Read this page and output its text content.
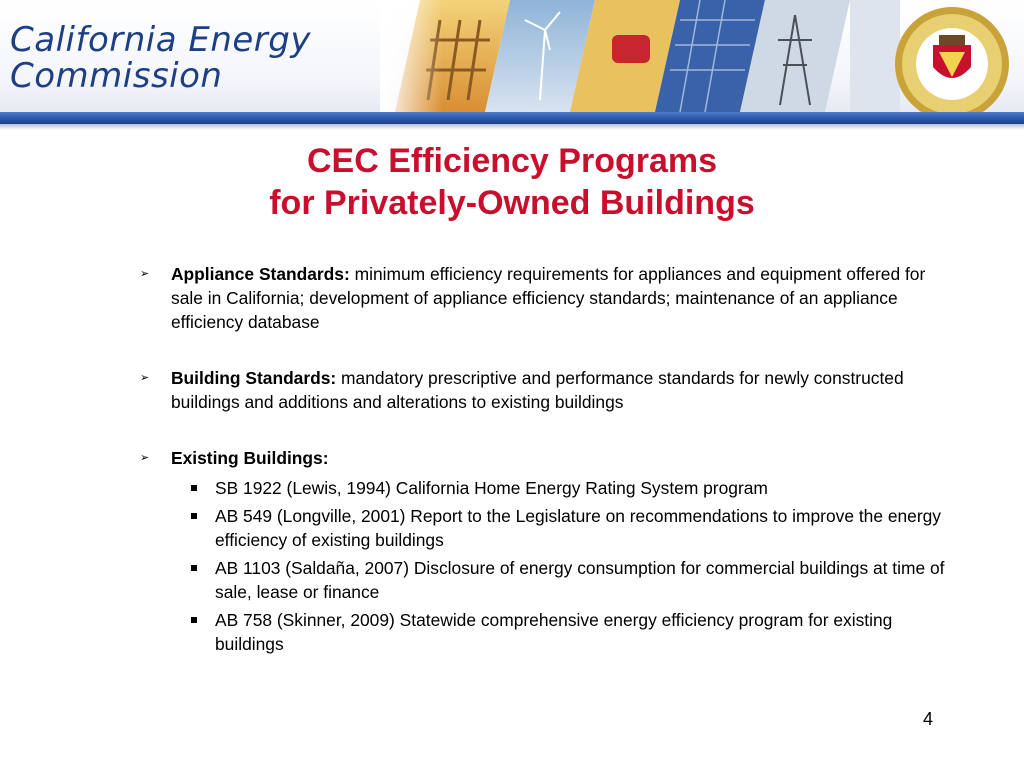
California Energy
Commission
CEC Efficiency Programs
for Privately-Owned Buildings
➢ Appliance Standards: minimum efficiency requirements for appliances and equipment offered for sale in California; development of appliance efficiency standards; maintenance of an appliance efficiency database
➢ Building Standards: mandatory prescriptive and performance standards for newly constructed buildings and additions and alterations to existing buildings
➢ Existing Buildings:
SB 1922 (Lewis, 1994) California Home Energy Rating System program
AB 549 (Longville, 2001) Report to the Legislature on recommendations to improve the energy efficiency of existing buildings
AB 1103 (Saldaña, 2007) Disclosure of energy consumption for commercial buildings at time of sale, lease or finance
AB 758 (Skinner, 2009) Statewide comprehensive energy efficiency program for existing buildings
4
